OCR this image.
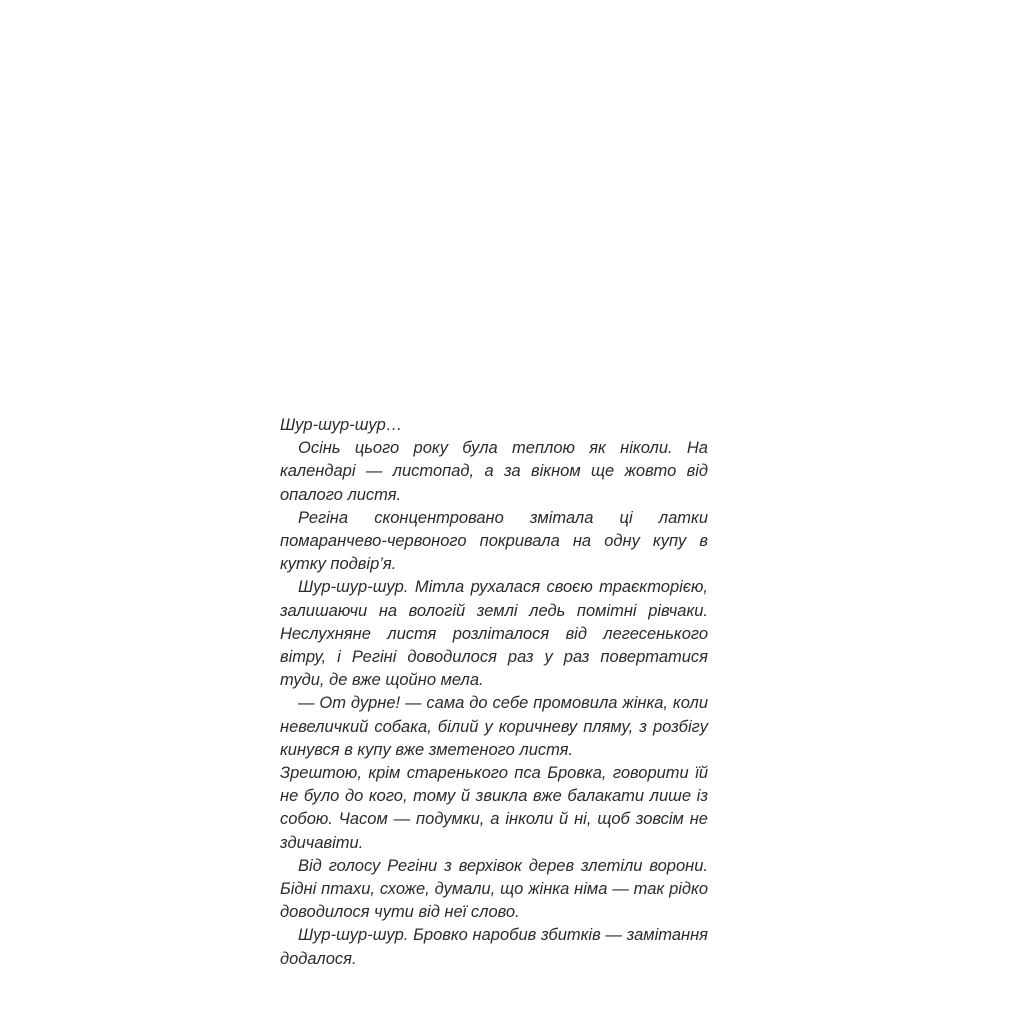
Шур-шур-шур…

Осінь цього року була теплою як ніколи. На календарі — листопад, а за вікном ще жовто від опалого листя.

Регіна сконцентровано змітала ці латки помаранчево-червоного покривала на одну купу в кутку подвір’я.

Шур-шур-шур. Мітла рухалася своєю траєкторією, залишаючи на вологій землі ледь помітні рівчаки. Неслухняне листя розліталося від легесенького вітру, і Регіні доводилося раз у раз повертатися туди, де вже щойно мела.

— От дурне! — сама до себе промовила жінка, коли невеличкий собака, білий у коричневу пляму, з розбігу кинувся в купу вже зметеного листя.

Зрештою, крім старенького пса Бровка, говорити їй не було до кого, тому й звикла вже балакати лише із собою. Часом — подумки, а інколи й ні, щоб зовсім не здичавіти.

Від голосу Регіни з верхівок дерев злетіли ворони. Бідні птахи, схоже, думали, що жінка німа — так рідко доводилося чути від неї слово.

Шур-шур-шур. Бровко наробив збитків — замітання додалося.
